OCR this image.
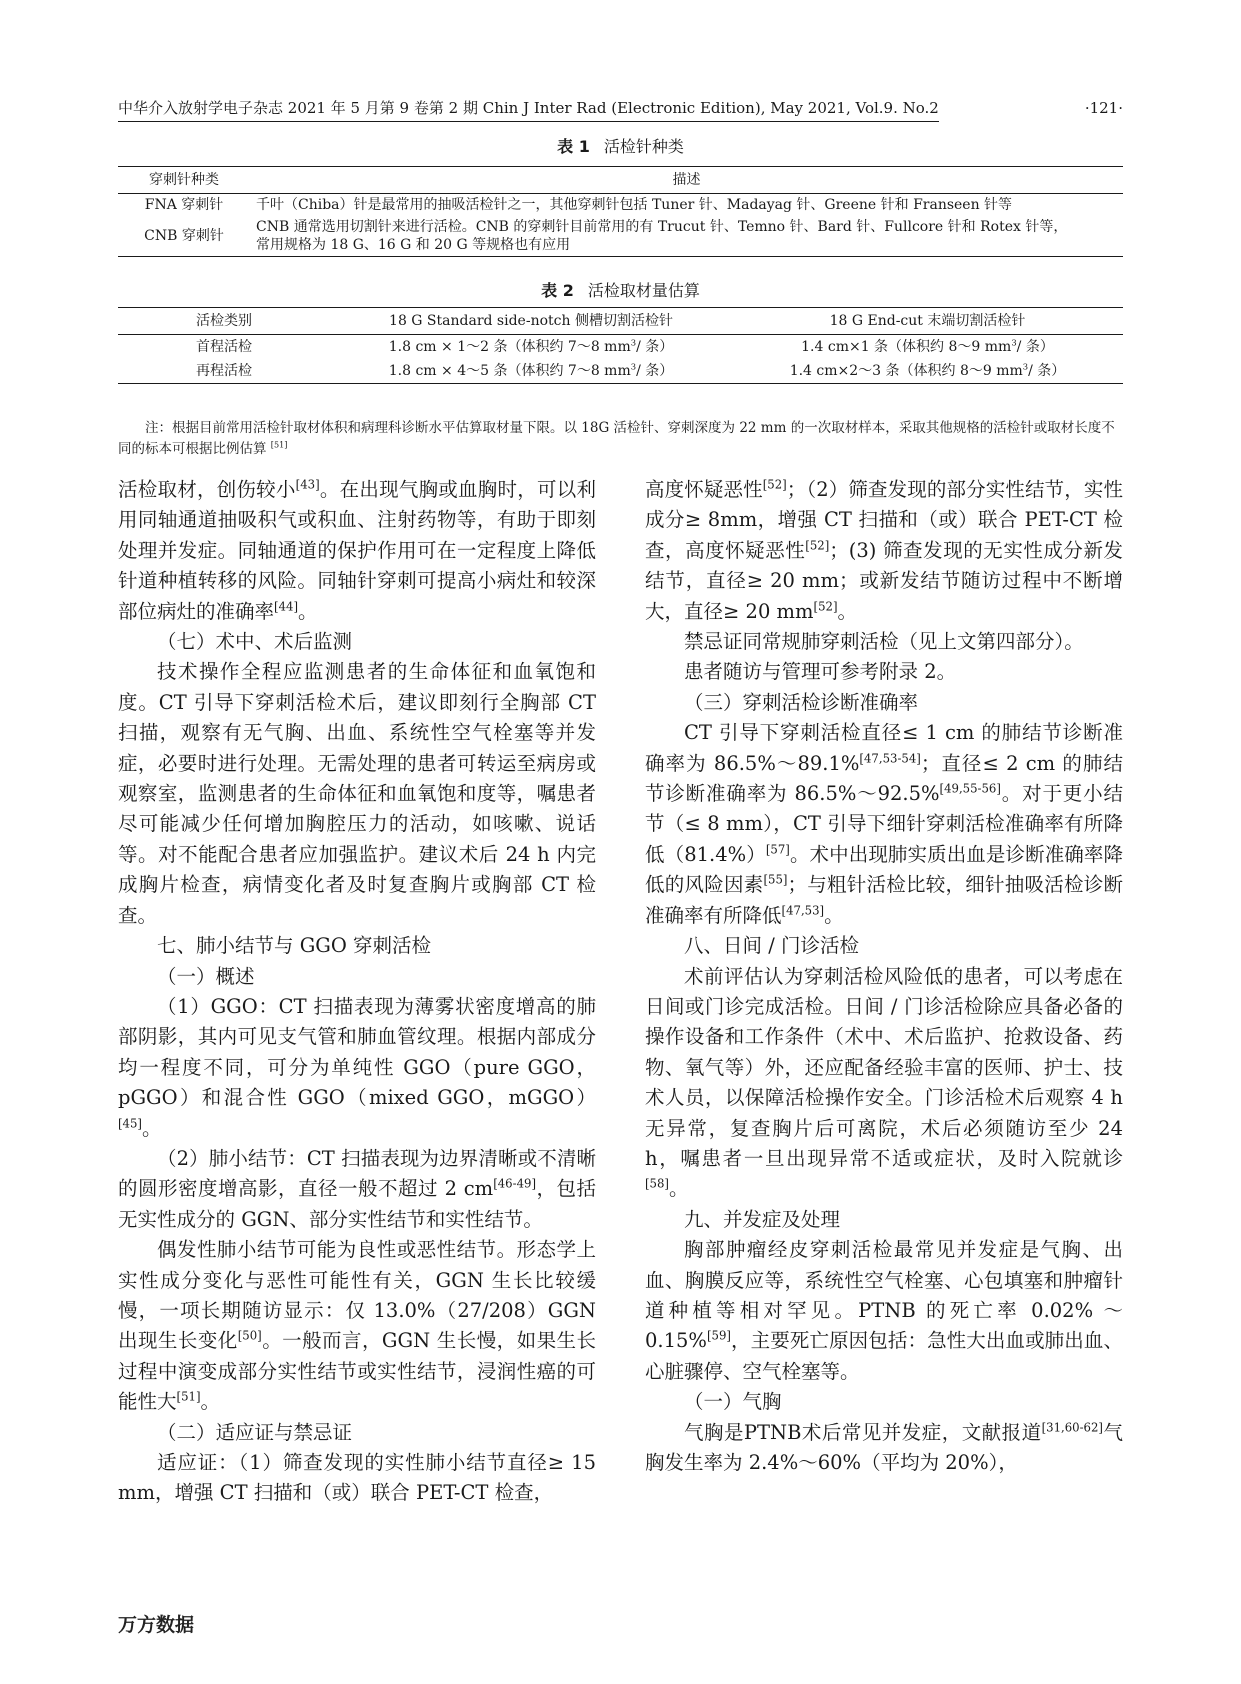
中华介入放射学电子杂志 2021 年 5 月第 9 卷第 2 期 Chin J Inter Rad (Electronic Edition), May 2021, Vol.9. No.2	·121·
表 1 活检针种类
穿刺针种类	描述
FNA 穿刺针	千叶（Chiba）针是最常用的抽吸活检针之一，其他穿刺针包括 Tuner 针、Madayag 针、Greene 针和 Franseen 针等
CNB 穿刺针	CNB 通常选用切割针来进行活检。CNB 的穿刺针目前常用的有 Trucut 针、Temno 针、Bard 针、Fullcore 针和 Rotex 针等，
常用规格为 18 G、16 G 和 20 G 等规格也有应用
表 2 活检取材量估算
活检类别	18 G Standard side-notch 侧槽切割活检针	18 G End-cut 末端切割活检针
首程活检	1.8 cm × 1～2 条（体积约 7～8 $mm^3/$ 条）	1.4 cm×1 条（体积约 8～9 $mm^3/$ 条）
再程活检	1.8 cm × 4～5 条（体积约 7～8 $mm^3/$ 条）	1.4 cm×2～3 条（体积约 8～9 $mm^3/$ 条）
注：根据目前常用活检针取材体积和病理科诊断水平估算取材量下限。以 18G 活检针、穿刺深度为 22 mm 的一次取材样本，采取其他规格的活检针或取材长度不同的标本可根据比例估算 [51]

活检取材，创伤较小[43]。在出现气胸或血胸时，可以利用同轴通道抽吸积气或积血、注射药物等，有助于即刻处理并发症。同轴通道的保护作用可在一定程度上降低针道种植转移的风险。同轴针穿刺可提高小病灶和较深部位病灶的准确率[44]。

（七）术中、术后监测

技术操作全程应监测患者的生命体征和血氧饱和度。CT 引导下穿刺活检术后，建议即刻行全胸部 CT 扫描，观察有无气胸、出血、系统性空气栓塞等并发症，必要时进行处理。无需处理的患者可转运至病房或观察室，监测患者的生命体征和血氧饱和度等，嘱患者尽可能减少任何增加胸腔压力的活动，如咳嗽、说话等。对不能配合患者应加强监护。建议术后 24 h 内完成胸片检查，病情变化者及时复查胸片或胸部 CT 检查。

七、肺小结节与 GGO 穿刺活检

（一）概述

（1）GGO：CT 扫描表现为薄雾状密度增高的肺部阴影，其内可见支气管和肺血管纹理。根据内部成分均一程度不同，可分为单纯性 GGO（pure GGO，pGGO）和混合性 GGO（mixed GGO，mGGO）[45]。

（2）肺小结节：CT 扫描表现为边界清晰或不清晰的圆形密度增高影，直径一般不超过 2 cm[46-49]，包括无实性成分的 GGN、部分实性结节和实性结节。

偶发性肺小结节可能为良性或恶性结节。形态学上实性成分变化与恶性可能性有关，GGN 生长比较缓慢，一项长期随访显示：仅 13.0%（27/208）GGN 出现生长变化[50]。一般而言，GGN 生长慢，如果生长过程中演变成部分实性结节或实性结节，浸润性癌的可能性大[51]。

（二）适应证与禁忌证

适应证：（1）筛查发现的实性肺小结节直径≥ 15 mm，增强 CT 扫描和（或）联合 PET-CT 检查，

高度怀疑恶性[52]；（2）筛查发现的部分实性结节，实性成分≥ 8mm，增强 CT 扫描和（或）联合 PET-CT 检查，高度怀疑恶性[52]；(3) 筛查发现的无实性成分新发结节，直径≥ 20 mm；或新发结节随访过程中不断增大，直径≥ 20 mm[52]。

禁忌证同常规肺穿刺活检（见上文第四部分）。

患者随访与管理可参考附录 2。

（三）穿刺活检诊断准确率

CT 引导下穿刺活检直径≤ 1 cm 的肺结节诊断准确率为 86.5%～89.1%[47,53-54]；直径≤ 2 cm 的肺结节诊断准确率为 86.5%～92.5%[49,55-56]。对于更小结节（≤ 8 mm），CT 引导下细针穿刺活检准确率有所降低（81.4%）[57]。术中出现肺实质出血是诊断准确率降低的风险因素[55]；与粗针活检比较，细针抽吸活检诊断准确率有所降低[47,53]。

八、日间 / 门诊活检

术前评估认为穿刺活检风险低的患者，可以考虑在日间或门诊完成活检。日间 / 门诊活检除应具备必备的操作设备和工作条件（术中、术后监护、抢救设备、药物、氧气等）外，还应配备经验丰富的医师、护士、技术人员，以保障活检操作安全。门诊活检术后观察 4 h 无异常，复查胸片后可离院，术后必须随访至少 24 h，嘱患者一旦出现异常不适或症状，及时入院就诊[58]。

九、并发症及处理

胸部肿瘤经皮穿刺活检最常见并发症是气胸、出血、胸膜反应等，系统性空气栓塞、心包填塞和肿瘤针道种植等相对罕见。PTNB 的死亡率 0.02% ～ 0.15%[59]，主要死亡原因包括：急性大出血或肺出血、心脏骤停、空气栓塞等。

（一）气胸

气胸是PTNB术后常见并发症，文献报道[31,60-62]气胸发生率为 2.4%～60%（平均为 20%），

万方数据
